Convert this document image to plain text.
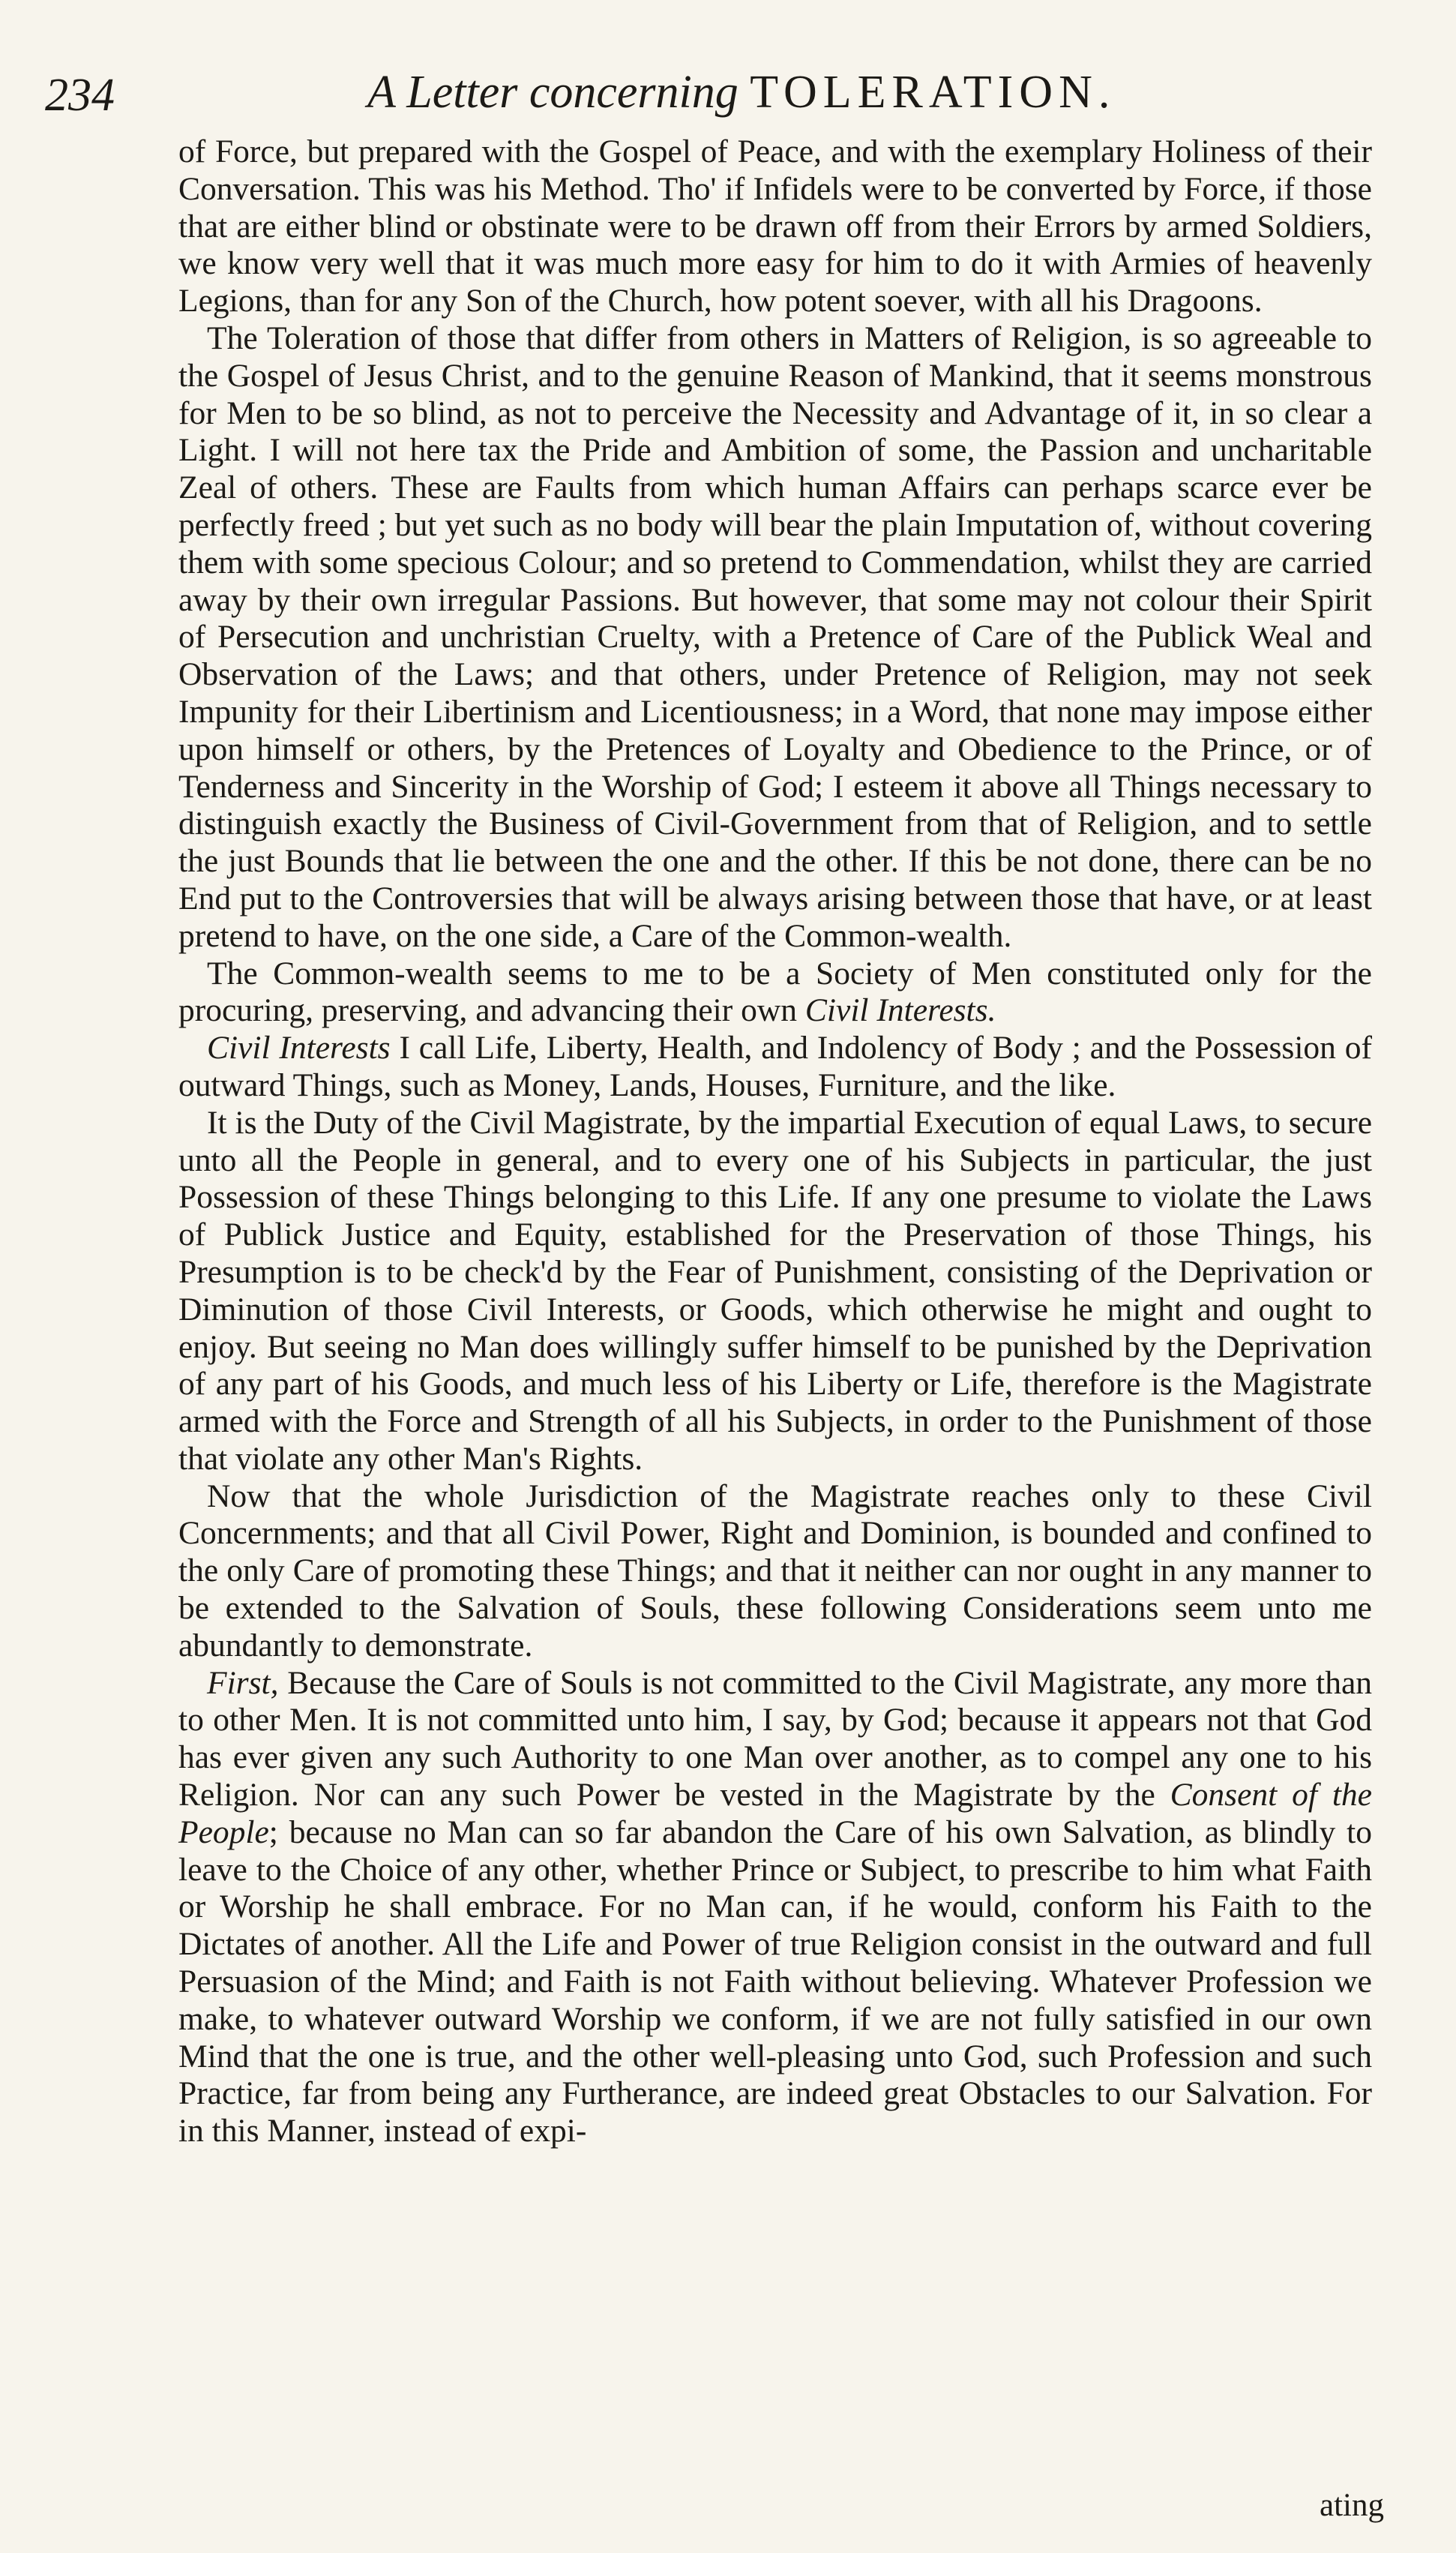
234	A Letter concerning TOLERATION.

of Force, but prepared with the Gospel of Peace, and with the exemplary Holiness of their Conversation. This was his Method. Tho' if Infidels were to be converted by Force, if those that are either blind or obstinate were to be drawn off from their Errors by armed Soldiers, we know very well that it was much more easy for him to do it with Armies of heavenly Legions, than for any Son of the Church, how potent soever, with all his Dragoons.

The Toleration of those that differ from others in Matters of Religion, is so agreeable to the Gospel of Jesus Christ, and to the genuine Reason of Mankind, that it seems monstrous for Men to be so blind, as not to perceive the Necessity and Advantage of it, in so clear a Light. I will not here tax the Pride and Ambition of some, the Passion and uncharitable Zeal of others. These are Faults from which human Affairs can perhaps scarce ever be perfectly freed ; but yet such as no body will bear the plain Imputation of, without covering them with some specious Colour; and so pretend to Commendation, whilst they are carried away by their own irregular Passions. But however, that some may not colour their Spirit of Persecution and unchristian Cruelty, with a Pretence of Care of the Publick Weal and Observation of the Laws; and that others, under Pretence of Religion, may not seek Impunity for their Libertinism and Licentiousness; in a Word, that none may impose either upon himself or others, by the Pretences of Loyalty and Obedience to the Prince, or of Tenderness and Sincerity in the Worship of God; I esteem it above all Things necessary to distinguish exactly the Business of Civil-Government from that of Religion, and to settle the just Bounds that lie between the one and the other. If this be not done, there can be no End put to the Controversies that will be always arising between those that have, or at least pretend to have, on the one side, a Care of the Common-wealth.

The Common-wealth seems to me to be a Society of Men constituted only for the procuring, preserving, and advancing their own Civil Interests.

Civil Interests I call Life, Liberty, Health, and Indolency of Body ; and the Possession of outward Things, such as Money, Lands, Houses, Furniture, and the like.

It is the Duty of the Civil Magistrate, by the impartial Execution of equal Laws, to secure unto all the People in general, and to every one of his Subjects in particular, the just Possession of these Things belonging to this Life. If any one presume to violate the Laws of Publick Justice and Equity, established for the Preservation of those Things, his Presumption is to be check'd by the Fear of Punishment, consisting of the Deprivation or Diminution of those Civil Interests, or Goods, which otherwise he might and ought to enjoy. But seeing no Man does willingly suffer himself to be punished by the Deprivation of any part of his Goods, and much less of his Liberty or Life, therefore is the Magistrate armed with the Force and Strength of all his Subjects, in order to the Punishment of those that violate any other Man's Rights.

Now that the whole Jurisdiction of the Magistrate reaches only to these Civil Concernments; and that all Civil Power, Right and Dominion, is bounded and confined to the only Care of promoting these Things; and that it neither can nor ought in any manner to be extended to the Salvation of Souls, these following Considerations seem unto me abundantly to demonstrate.

First, Because the Care of Souls is not committed to the Civil Magistrate, any more than to other Men. It is not committed unto him, I say, by God; because it appears not that God has ever given any such Authority to one Man over another, as to compel any one to his Religion. Nor can any such Power be vested in the Magistrate by the Consent of the People; because no Man can so far abandon the Care of his own Salvation, as blindly to leave to the Choice of any other, whether Prince or Subject, to prescribe to him what Faith or Worship he shall embrace. For no Man can, if he would, conform his Faith to the Dictates of another. All the Life and Power of true Religion consist in the outward and full Persuasion of the Mind; and Faith is not Faith without believing. Whatever Profession we make, to whatever outward Worship we conform, if we are not fully satisfied in our own Mind that the one is true, and the other well-pleasing unto God, such Profession and such Practice, far from being any Furtherance, are indeed great Obstacles to our Salvation. For in this Manner, instead of expi-

ating
